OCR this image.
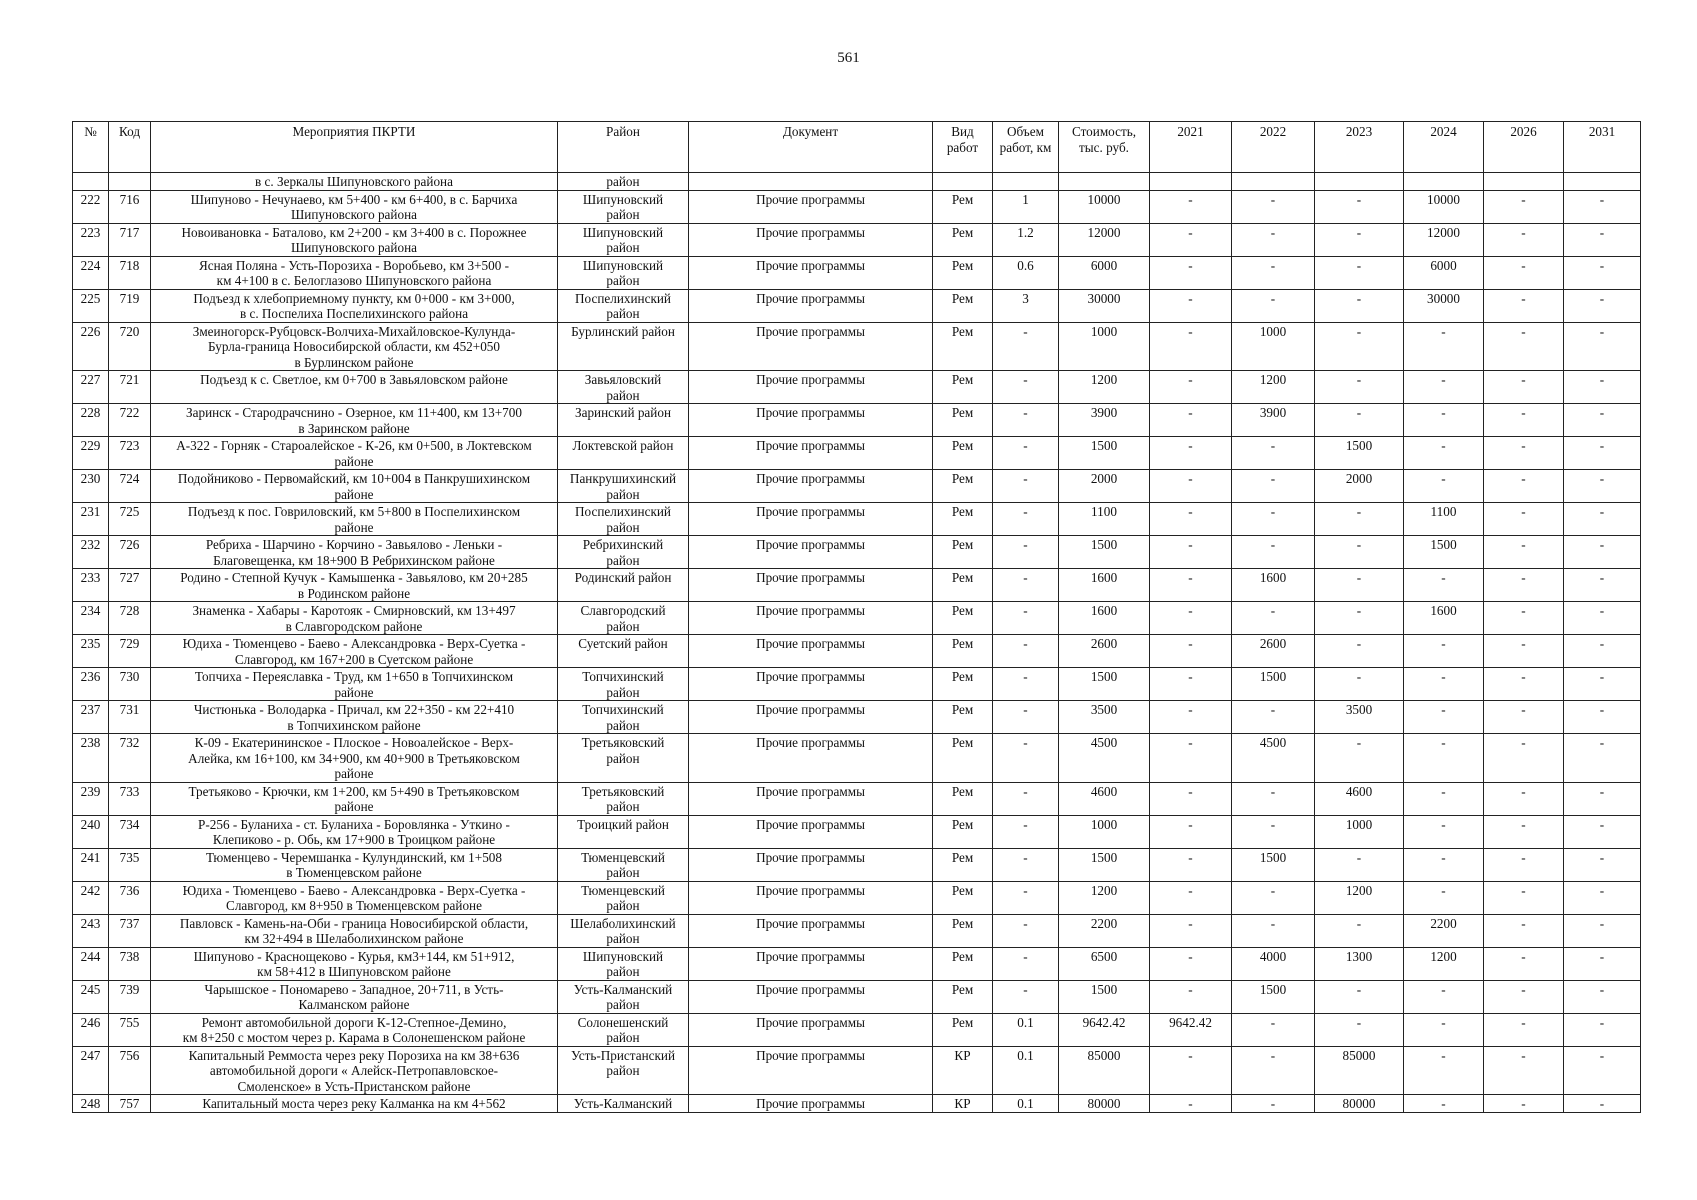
561
№	Код	Мероприятия ПКРТИ	Район	Документ	Вид работ	Объем работ, км	Стоимость, тыс. руб.	2021	2022	2023	2024	2026	2031
		в с. Зеркалы Шипуновского района	район										
222	716	Шипуново - Нечунаево, км 5+400 - км 6+400, в с. Барчиха
Шипуновского района	Шипуновский
район	Прочие программы	Рем	1	10000	-	-	-	10000	-	-
223	717	Новоивановка - Баталово, км 2+200 - км 3+400 в с. Порожнее
Шипуновского района	Шипуновский
район	Прочие программы	Рем	1.2	12000	-	-	-	12000	-	-
224	718	Ясная Поляна - Усть-Порозиха - Воробьево, км 3+500 -
км 4+100 в с. Белоглазово Шипуновского района	Шипуновский
район	Прочие программы	Рем	0.6	6000	-	-	-	6000	-	-
225	719	Подъезд к хлебоприемному пункту, км 0+000 - км 3+000,
в с. Поспелиха Поспелихинского района	Поспелихинский
район	Прочие программы	Рем	3	30000	-	-	-	30000	-	-
226	720	Змеиногорск-Рубцовск-Волчиха-Михайловское-Кулунда-
Бурла-граница Новосибирской области, км 452+050
в Бурлинском районе	Бурлинский район	Прочие программы	Рем	-	1000	-	1000	-	-	-	-
227	721	Подъезд к с. Светлое, км 0+700 в Завьяловском районе	Завьяловский
район	Прочие программы	Рем	-	1200	-	1200	-	-	-	-
228	722	Заринск - Стародрачснино - Озерное, км 11+400, км 13+700
в Заринском районе	Заринский район	Прочие программы	Рем	-	3900	-	3900	-	-	-	-
229	723	А-322 - Горняк - Староалейское - К-26, км 0+500, в Локтевском
районе	Локтевской район	Прочие программы	Рем	-	1500	-	-	1500	-	-	-
230	724	Подойниково - Первомайский, км 10+004 в Панкрушихинском
районе	Панкрушихинский
район	Прочие программы	Рем	-	2000	-	-	2000	-	-	-
231	725	Подъезд к пос. Говриловский, км 5+800 в Поспелихинском
районе	Поспелихинский
район	Прочие программы	Рем	-	1100	-	-	-	1100	-	-
232	726	Ребриха - Шарчино - Корчино - Завьялово - Леньки -
Благовещенка, км 18+900 В Ребрихинском районе	Ребрихинский
район	Прочие программы	Рем	-	1500	-	-	-	1500	-	-
233	727	Родино - Степной Кучук - Камышенка - Завьялово, км 20+285
в Родинском районе	Родинский район	Прочие программы	Рем	-	1600	-	1600	-	-	-	-
234	728	Знаменка - Хабары - Каротояк - Смирновский, км 13+497
в Славгородском районе	Славгородский
район	Прочие программы	Рем	-	1600	-	-	-	1600	-	-
235	729	Юдиха - Тюменцево - Баево - Александровка - Верх-Суетка -
Славгород, км 167+200 в Суетском районе	Суетский район	Прочие программы	Рем	-	2600	-	2600	-	-	-	-
236	730	Топчиха - Переяславка - Труд, км 1+650 в Топчихинском
районе	Топчихинский
район	Прочие программы	Рем	-	1500	-	1500	-	-	-	-
237	731	Чистюнька - Володарка - Причал, км 22+350 - км 22+410
в Топчихинском районе	Топчихинский
район	Прочие программы	Рем	-	3500	-	-	3500	-	-	-
238	732	К-09 - Екатерининское - Плоское - Новоалейское - Верх-
Алейка, км 16+100, км 34+900, км 40+900 в Третьяковском
районе	Третьяковский
район	Прочие программы	Рем	-	4500	-	4500	-	-	-	-
239	733	Третьяково - Крючки, км 1+200, км 5+490 в Третьяковском
районе	Третьяковский
район	Прочие программы	Рем	-	4600	-	-	4600	-	-	-
240	734	Р-256 - Буланиха - ст. Буланиха - Боровлянка - Уткино -
Клепиково - р. Обь, км 17+900 в Троицком районе	Троицкий район	Прочие программы	Рем	-	1000	-	-	1000	-	-	-
241	735	Тюменцево - Черемшанка - Кулундинский, км 1+508
в Тюменцевском районе	Тюменцевский
район	Прочие программы	Рем	-	1500	-	1500	-	-	-	-
242	736	Юдиха - Тюменцево - Баево - Александровка - Верх-Суетка -
Славгород, км 8+950 в Тюменцевском районе	Тюменцевский
район	Прочие программы	Рем	-	1200	-	-	1200	-	-	-
243	737	Павловск - Камень-на-Оби - граница Новосибирской области,
км 32+494 в Шелаболихинском районе	Шелаболихинский
район	Прочие программы	Рем	-	2200	-	-	-	2200	-	-
244	738	Шипуново - Краснощеково - Курья, км3+144, км 51+912,
км 58+412 в Шипуновском районе	Шипуновский
район	Прочие программы	Рем	-	6500	-	4000	1300	1200	-	-
245	739	Чарышское - Пономарево - Западное, 20+711, в Усть-
Калманском районе	Усть-Калманский
район	Прочие программы	Рем	-	1500	-	1500	-	-	-	-
246	755	Ремонт автомобильной дороги К-12-Степное-Демино,
км 8+250 с мостом через р. Карама в Солонешенском районе	Солонешенский
район	Прочие программы	Рем	0.1	9642.42	9642.42	-	-	-	-	-
247	756	Капитальный Реммоста через реку Порозиха на км 38+636
автомобильной дороги « Алейск-Петропавловское-
Смоленское» в Усть-Пристанском районе	Усть-Пристанский
район	Прочие программы	КР	0.1	85000	-	-	85000	-	-	-
248	757	Капитальный моста через реку Калманка на км 4+562	Усть-Калманский	Прочие программы	КР	0.1	80000	-	-	80000	-	-	-
